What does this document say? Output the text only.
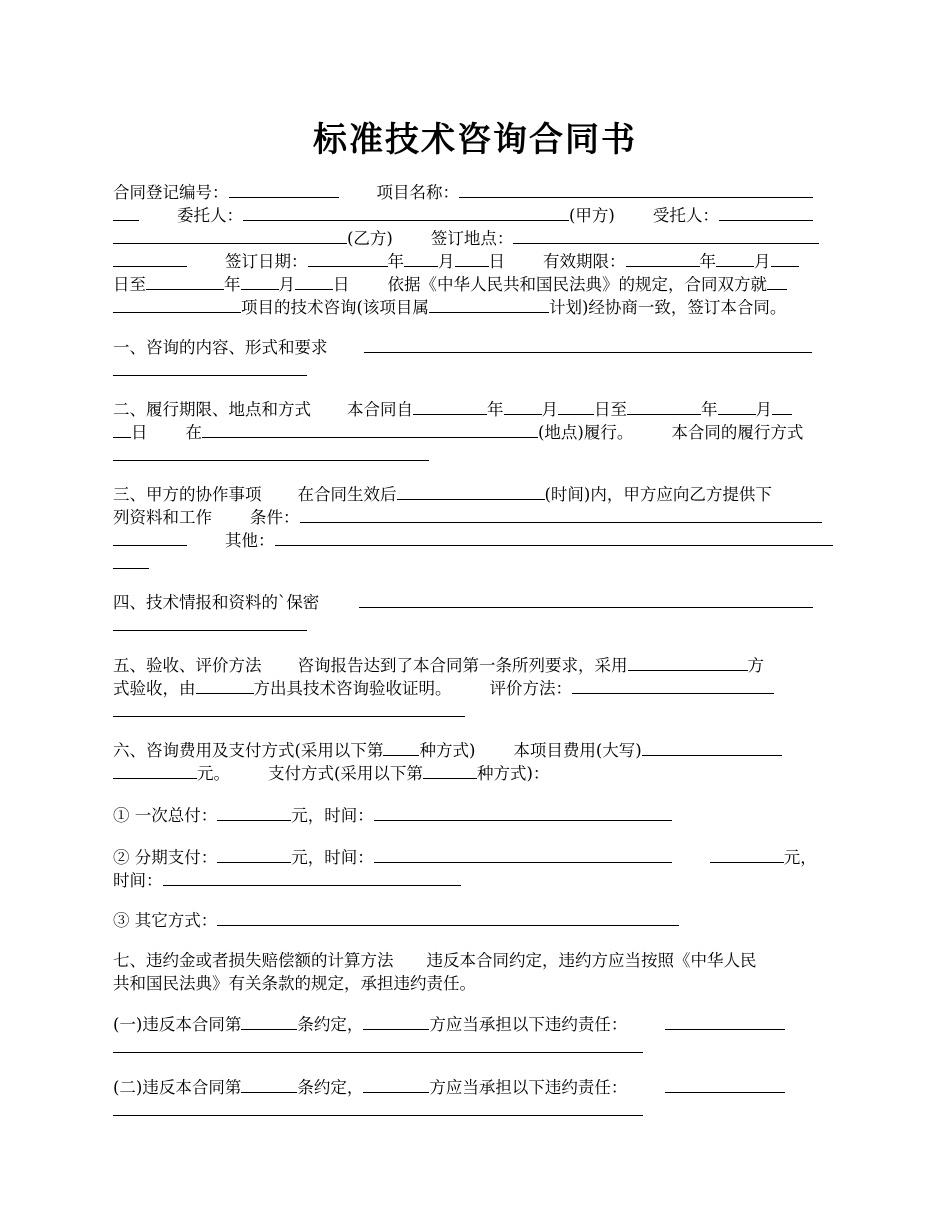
标准技术咨询合同书
合同登记编号：	项目名称：
委托人：	(甲方) 受托人：
(乙方) 签订地点：
签订日期：	年 月 日 有效期限：	年 月
日至	年 月 日 依据《中华人民共和国民法典》的规定，合同双方就
项目的技术咨询(该项目属	计划)经协商一致，签订本合同。
一、咨询的内容、形式和要求
二、履行期限、地点和方式 本合同自	年 月 日至	年 月
日 在	(地点)履行。 本合同的履行方式
三、甲方的协作事项 在合同生效后	(时间)内，甲方应向乙方提供下
列资料和工作 条件：
其他：
四、技术情报和资料的`保密
五、验收、评价方法 咨询报告达到了本合同第一条所列要求，采用	方
式验收，由	方出具技术咨询验收证明。 评价方法：
六、咨询费用及支付方式(采用以下第 种方式) 本项目费用(大写)
元。 支付方式(采用以下第	种方式)：
① 一次总付：	元，时间：
② 分期支付：	元，时间：	元，
时间：
③ 其它方式：
七、违约金或者损失赔偿额的计算方法　　违反本合同约定，违约方应当按照《中华人民
共和国民法典》有关条款的规定，承担违约责任。
(一)违反本合同第	条约定，	方应当承担以下违约责任：
(二)违反本合同第	条约定，	方应当承担以下违约责任：
